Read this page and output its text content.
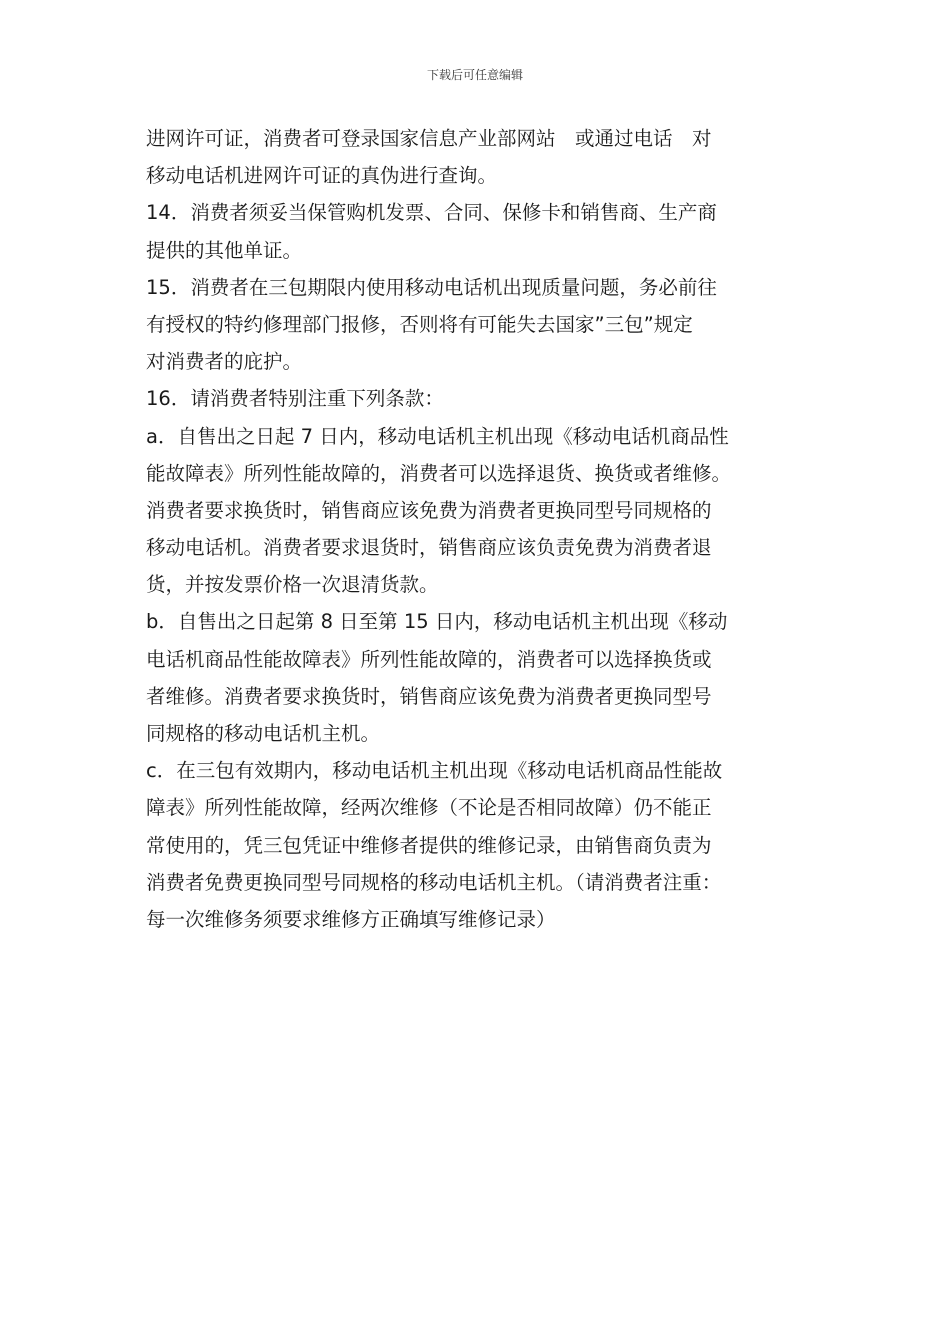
下载后可任意编辑
进网许可证，消费者可登录国家信息产业部网站　或通过电话　对
移动电话机进网许可证的真伪进行查询。
14．消费者须妥当保管购机发票、合同、保修卡和销售商、生产商
提供的其他单证。
15．消费者在三包期限内使用移动电话机出现质量问题，务必前往
有授权的特约修理部门报修，否则将有可能失去国家”三包”规定
对消费者的庇护。
16．请消费者特别注重下列条款：
a．自售出之日起 7 日内，移动电话机主机出现《移动电话机商品性
能故障表》所列性能故障的，消费者可以选择退货、换货或者维修。
消费者要求换货时，销售商应该免费为消费者更换同型号同规格的
移动电话机。消费者要求退货时，销售商应该负责免费为消费者退
货，并按发票价格一次退清货款。
b．自售出之日起第 8 日至第 15 日内，移动电话机主机出现《移动
电话机商品性能故障表》所列性能故障的，消费者可以选择换货或
者维修。消费者要求换货时，销售商应该免费为消费者更换同型号
同规格的移动电话机主机。
c．在三包有效期内，移动电话机主机出现《移动电话机商品性能故
障表》所列性能故障，经两次维修（不论是否相同故障）仍不能正
常使用的，凭三包凭证中维修者提供的维修记录，由销售商负责为
消费者免费更换同型号同规格的移动电话机主机。（请消费者注重：
每一次维修务须要求维修方正确填写维修记录）
